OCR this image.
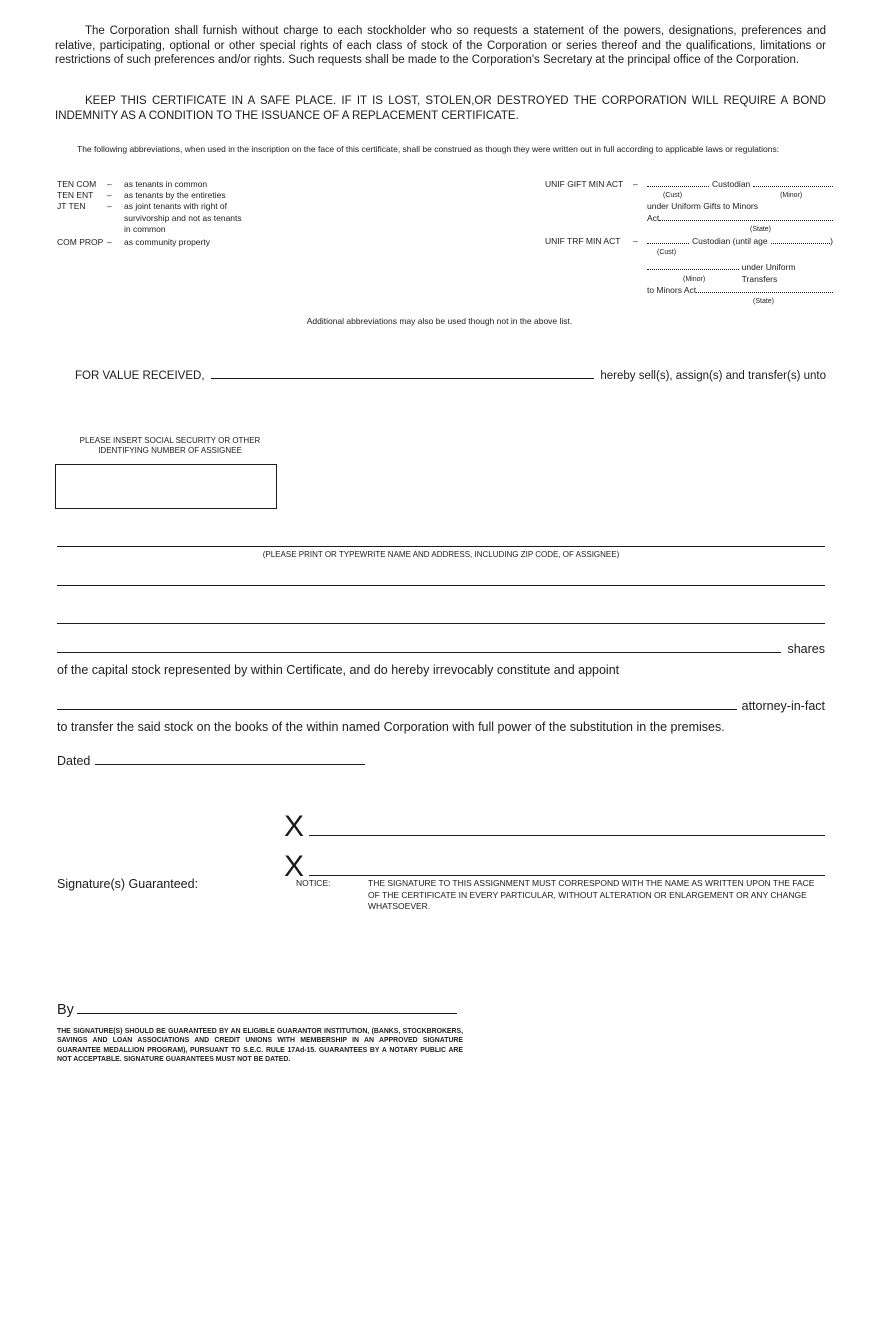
The Corporation shall furnish without charge to each stockholder who so requests a statement of the powers, designations, preferences and relative, participating, optional or other special rights of each class of stock of the Corporation or series thereof and the qualifications, limitations or restrictions of such preferences and/or rights. Such requests shall be made to the Corporation's Secretary at the principal office of the Corporation.
KEEP THIS CERTIFICATE IN A SAFE PLACE. IF IT IS LOST, STOLEN,OR DESTROYED THE CORPORATION WILL REQUIRE A BOND INDEMNITY AS A CONDITION TO THE ISSUANCE OF A REPLACEMENT CERTIFICATE.
The following abbreviations, when used in the inscription on the face of this certificate, shall be construed as though they were written out in full according to applicable laws or regulations:
TEN COM	–	as tenants in common
TEN ENT	–	as tenants by the entireties
JT TEN	–	as joint tenants with right of
survivorship and not as tenants
in common
COM PROP –	as community property
UNIF GIFT MIN ACT	–	Custodian
(Cust)	(Minor)
under Uniform Gifts to Minors
Act
(State)
UNIF TRF MIN ACT	–	Custodian (until age	)
(Cust)
under Uniform Transfers
(Minor)
to Minors Act
(State)
Additional abbreviations may also be used though not in the above list.
FOR VALUE RECEIVED,	hereby sell(s), assign(s) and transfer(s) unto
PLEASE INSERT SOCIAL SECURITY OR OTHER
IDENTIFYING NUMBER OF ASSIGNEE
(PLEASE PRINT OR TYPEWRITE NAME AND ADDRESS, INCLUDING ZIP CODE, OF ASSIGNEE)
shares
of the capital stock represented by within Certificate, and do hereby irrevocably constitute and appoint
attorney-in-fact
to transfer the said stock on the books of the within named Corporation with full power of the substitution in the premises.
Dated
X
X
Signature(s) Guaranteed:	NOTICE:	THE SIGNATURE TO THIS ASSIGNMENT MUST CORRESPOND WITH THE NAME AS WRITTEN UPON THE FACE OF THE CERTIFICATE IN EVERY PARTICULAR, WITHOUT ALTERATION OR ENLARGEMENT OR ANY CHANGE WHATSOEVER.
By
THE SIGNATURE(S) SHOULD BE GUARANTEED BY AN ELIGIBLE GUARANTOR INSTITUTION, (BANKS, STOCKBROKERS, SAVINGS AND LOAN ASSOCIATIONS AND CREDIT UNIONS WITH MEMBERSHIP IN AN APPROVED SIGNATURE GUARANTEE MEDALLION PROGRAM), PURSUANT TO S.E.C. RULE 17Ad-15. GUARANTEES BY A NOTARY PUBLIC ARE NOT ACCEPTABLE. SIGNATURE GUARANTEES MUST NOT BE DATED.
